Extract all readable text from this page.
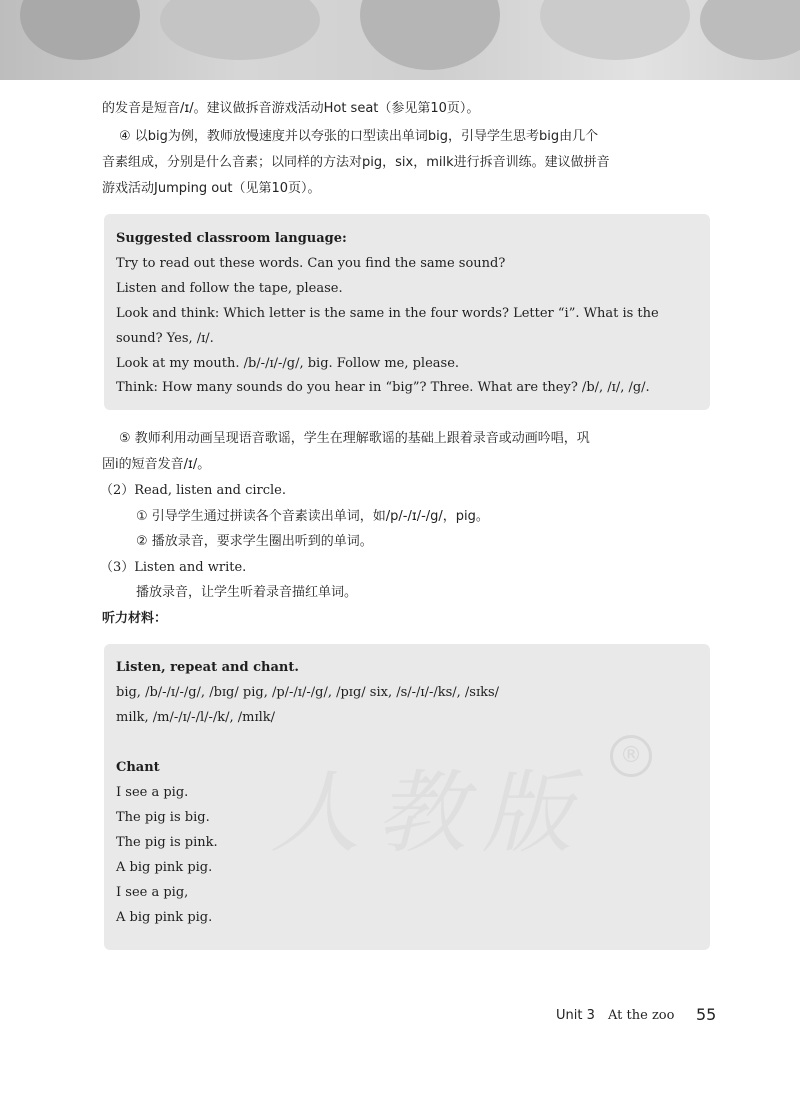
的发音是短音/ɪ/。建议做拆音游戏活动Hot seat（参见第10页）。
④ 以big为例，教师放慢速度并以夸张的口型读出单词big，引导学生思考big由几个
音素组成，分别是什么音素；以同样的方法对pig，six，milk进行拆音训练。建议做拼音
游戏活动Jumping out（见第10页）。
Suggested classroom language:
Try to read out these words. Can you find the same sound?
Listen and follow the tape, please.
Look and think: Which letter is the same in the four words? Letter “i”. What is the
sound? Yes, /ɪ/.
Look at my mouth. /b/-/ɪ/-/g/, big. Follow me, please.
Think: How many sounds do you hear in “big”? Three. What are they? /b/, /ɪ/, /g/.
⑤ 教师利用动画呈现语音歌谣，学生在理解歌谣的基础上跟着录音或动画吟唱，巩
固i的短音发音/ɪ/。
（2）Read, listen and circle.
① 引导学生通过拼读各个音素读出单词，如/p/-/ɪ/-/g/，pig。
② 播放录音，要求学生圈出听到的单词。
（3）Listen and write.
播放录音，让学生听着录音描红单词。
听力材料：
Listen, repeat and chant.
big, /b/-/ɪ/-/g/, /bɪg/ pig, /p/-/ɪ/-/g/, /pɪg/ six, /s/-/ɪ/-/ks/, /sɪks/
milk, /m/-/ɪ/-/l/-/k/, /mɪlk/
Chant
I see a pig.
The pig is big.
The pig is pink.
A big pink pig.
I see a pig,
A big pink pig.
人教版
®
Unit 3 At the zoo 55
